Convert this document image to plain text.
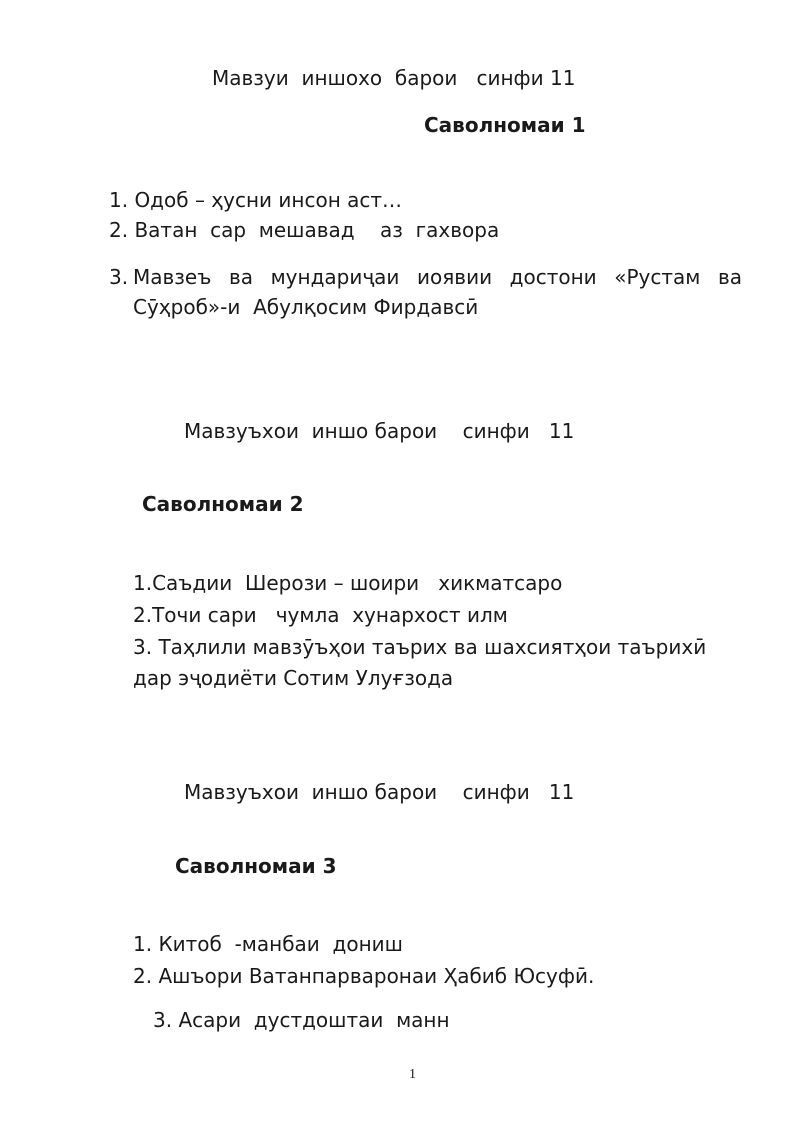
Мавзуи  иншохо  барои   синфи 11
Саволномаи 1
1. Одоб – ҳусни инсон аст…
2. Ватан  сар  мешавад    аз  гахвора
3. Мавзеъ ва мундариҷаи иоявии достони «Рустам ва
Сӯҳроб»-и  Абулқосим Фирдавсӣ
Мавзуъхои  иншо барои    синфи   11
Саволномаи 2
1.Саъдии  Шерози – шоири   хикматсаро
2.Точи сари   чумла  хунархост илм
3. Таҳлили мавзӯъҳои таърих ва шахсиятҳои таърихӣ
дар эҷодиёти Сотим Улуғзода
Мавзуъхои  иншо барои    синфи   11
Саволномаи 3
1. Китоб  -манбаи  дониш
2. Ашъори Ватанпарваронаи Ҳабиб Юсуфӣ.
3. Асари  дустдоштаи  манн
1
